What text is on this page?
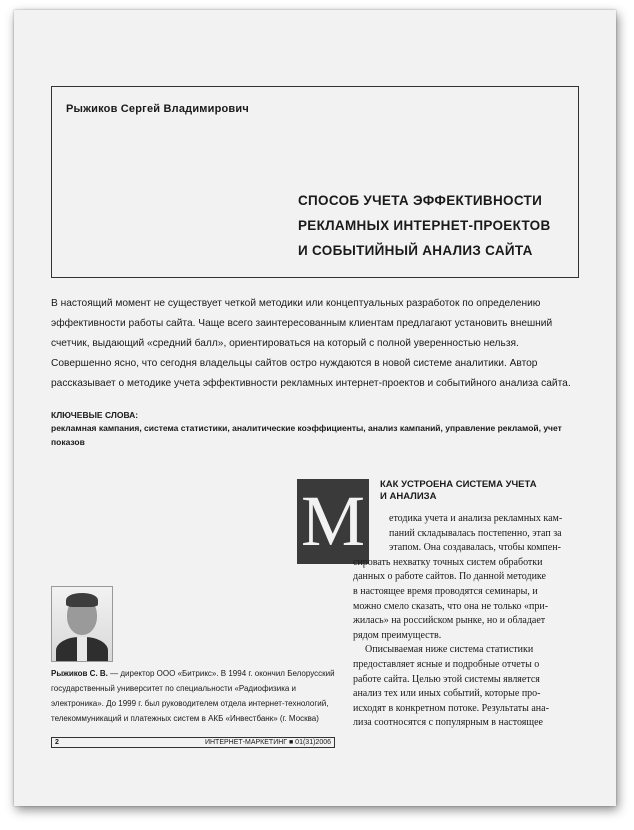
Рыжиков Сергей Владимирович
СПОСОБ УЧЕТА ЭФФЕКТИВНОСТИ
РЕКЛАМНЫХ ИНТЕРНЕТ-ПРОЕКТОВ
И СОБЫТИЙНЫЙ АНАЛИЗ САЙТА
В настоящий момент не существует четкой методики или концептуальных разработок по определению эффективности работы сайта. Чаще всего заинтересованным клиентам предлагают установить внешний счетчик, выдающий «средний балл», ориентироваться на который с полной уверенностью нельзя. Совершенно ясно, что сегодня владельцы сайтов остро нуждаются в новой системе аналитики. Автор рассказывает о методике учета эффективности рекламных интернет-проектов и событийного анализа сайта.
КЛЮЧЕВЫЕ СЛОВА:
рекламная кампания, система статистики, аналитические коэффициенты, анализ кампаний, управление рекламой, учет показов
М	КАК УСТРОЕНА СИСТЕМА УЧЕТА
И АНАЛИЗА
етодика учета и анализа рекламных кам-
паний складывалась постепенно, этап за
этапом. Она создавалась, чтобы компен-
сировать нехватку точных систем обработки
данных о работе сайтов. По данной методике
в настоящее время проводятся семинары, и
можно смело сказать, что она не только «при-
жилась» на российском рынке, но и обладает
рядом преимуществ.
Описываемая ниже система статистики
предоставляет ясные и подробные отчеты о
работе сайта. Целью этой системы является
анализ тех или иных событий, которые про-
исходят в конкретном потоке. Результаты ана-
лиза соотносятся с популярным в настоящее
Рыжиков С. В. — директор ООО «Битрикс». В 1994 г. окончил Белорусский государственный университет по специальности «Радиофизика и электроника». До 1999 г. был руководителем отдела интернет-технологий, телекоммуникаций и платежных систем в АКБ «Инвестбанк» (г. Москва)
2	ИНТЕРНЕТ-МАРКЕТИНГ ■ 01(31)2006
